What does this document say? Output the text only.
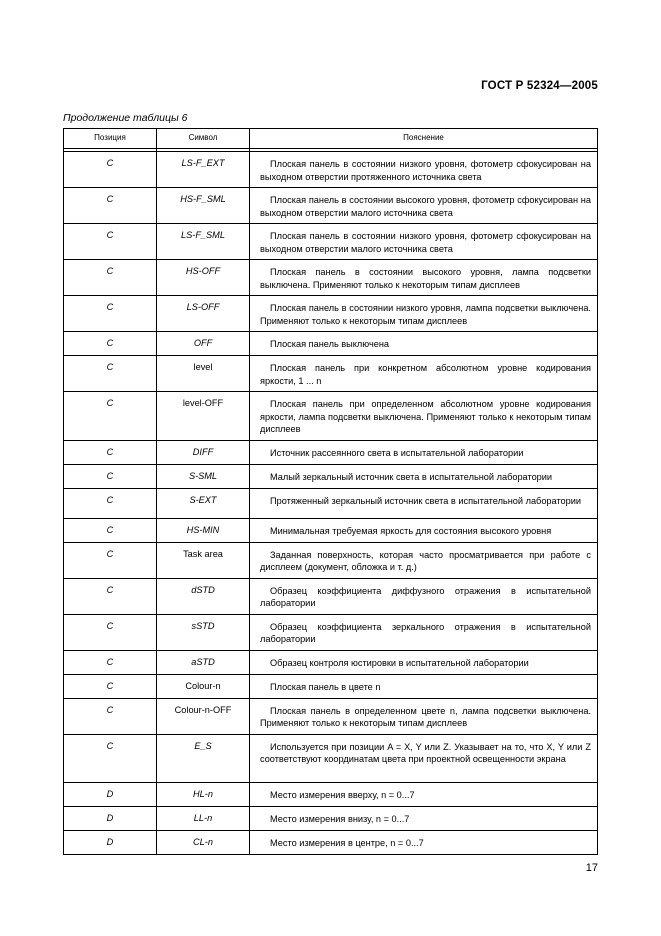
ГОСТ Р 52324—2005
Продолжение таблицы 6
Позиция	Символ	Пояснение

C	LS-F_EXT	Плоская панель в состоянии низкого уровня, фотометр сфокусирован на выходном отверстии протяженного источника света
C	HS-F_SML	Плоская панель в состоянии высокого уровня, фотометр сфокусирован на выходном отверстии малого источника света
C	LS-F_SML	Плоская панель в состоянии низкого уровня, фотометр сфокусирован на выходном отверстии малого источника света
C	HS-OFF	Плоская панель в состоянии высокого уровня, лампа подсветки выключена. Применяют только к некоторым типам дисплеев
C	LS-OFF	Плоская панель в состоянии низкого уровня, лампа подсветки выключена. Применяют только к некоторым типам дисплеев
C	OFF	Плоская панель выключена
C	level	Плоская панель при конкретном абсолютном уровне кодирования яркости, 1 ... n
C	level-OFF	Плоская панель при определенном абсолютном уровне кодирования яркости, лампа подсветки выключена. Применяют только к некоторым типам дисплеев
C	DIFF	Источник рассеянного света в испытательной лаборатории
C	S-SML	Малый зеркальный источник света в испытательной лаборатории
C	S-EXT	Протяженный зеркальный источник света в испытательной лаборатории
C	HS-MIN	Минимальная требуемая яркость для состояния высокого уровня
C	Task area	Заданная поверхность, которая часто просматривается при работе с дисплеем (документ, обложка и т. д.)
C	dSTD	Образец коэффициента диффузного отражения в испытательной лаборатории
C	sSTD	Образец коэффициента зеркального отражения в испытательной лаборатории
C	aSTD	Образец контроля юстировки в испытательной лаборатории
C	Colour-n	Плоская панель в цвете n
C	Colour-n-OFF	Плоская панель в определенном цвете n, лампа подсветки выключена. Применяют только к некоторым типам дисплеев
C	E_S	Используется при позиции A = X, Y или Z. Указывает на то, что X, Y или Z соответствуют координатам цвета при проектной освещенности экрана
D	HL-n	Место измерения вверху, n = 0...7
D	LL-n	Место измерения внизу, n = 0...7
D	CL-n	Место измерения в центре, n = 0...7
17
